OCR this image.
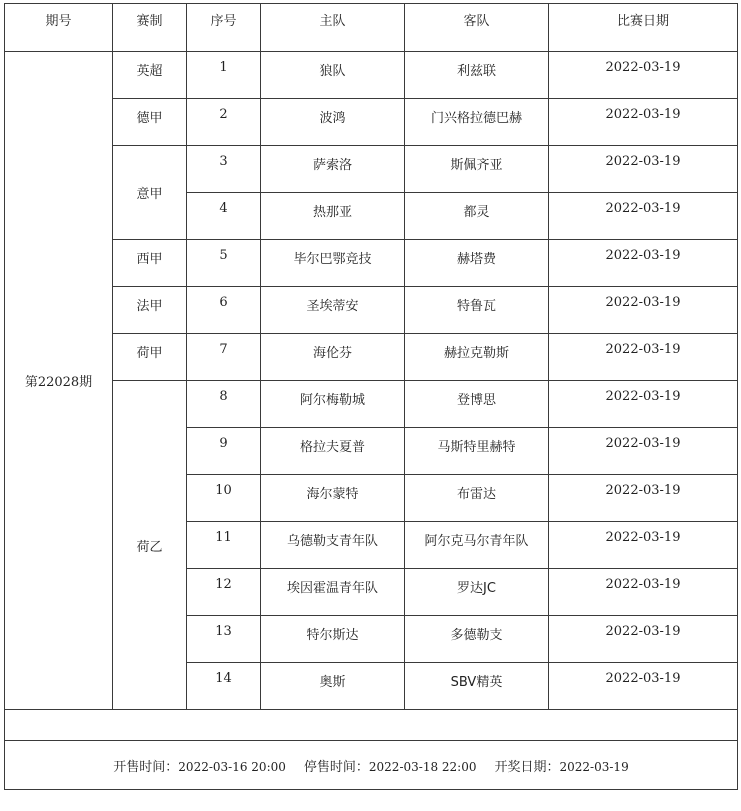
期号	赛制	序号	主队	客队	比赛日期
第22028期	英超	1	狼队	利兹联	2022-03-19
	德甲	2	波鸿	门兴格拉德巴赫	2022-03-19
	意甲	3	萨索洛	斯佩齐亚	2022-03-19
		4	热那亚	都灵	2022-03-19
	西甲	5	毕尔巴鄂竞技	赫塔费	2022-03-19
	法甲	6	圣埃蒂安	特鲁瓦	2022-03-19
	荷甲	7	海伦芬	赫拉克勒斯	2022-03-19
	荷乙	8	阿尔梅勒城	登博思	2022-03-19
		9	格拉夫夏普	马斯特里赫特	2022-03-19
		10	海尔蒙特	布雷达	2022-03-19
		11	乌德勒支青年队	阿尔克马尔青年队	2022-03-19
		12	埃因霍温青年队	罗达JC	2022-03-19
		13	特尔斯达	多德勒支	2022-03-19
		14	奥斯	SBV精英	2022-03-19

开售时间：2022-03-16 20:00 停售时间：2022-03-18 22:00 开奖日期：2022-03-19					
